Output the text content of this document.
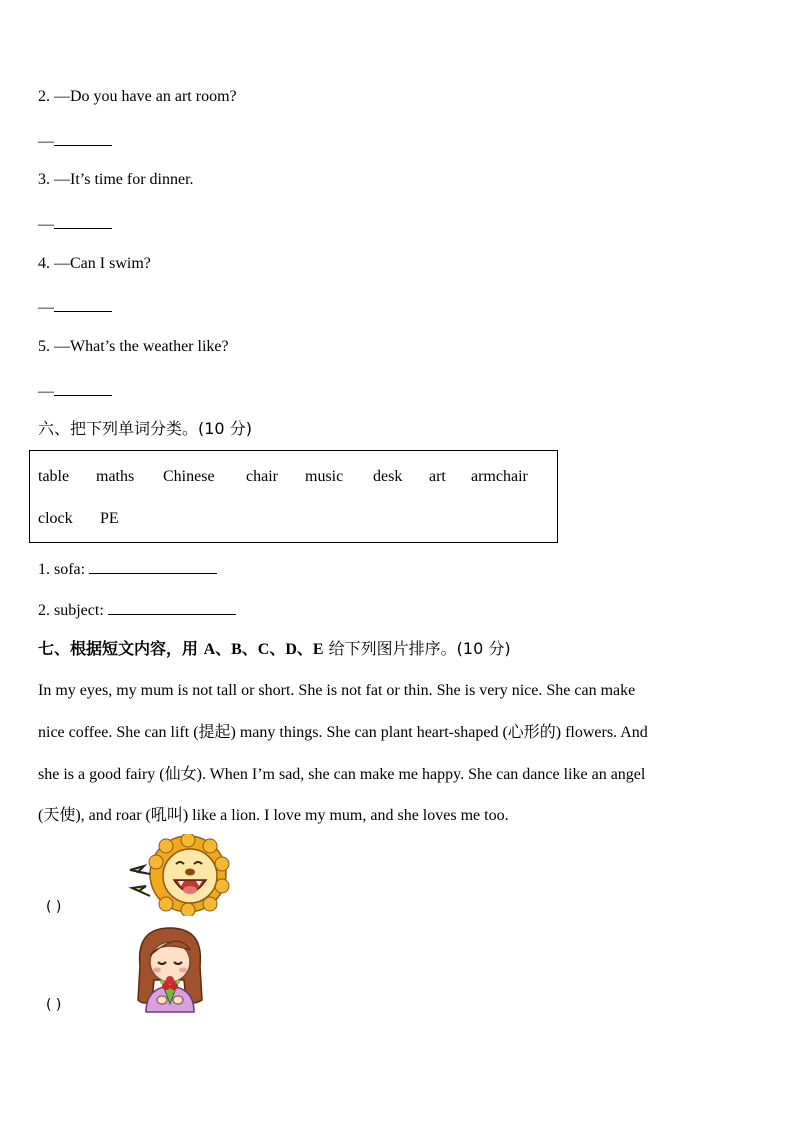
2. —Do you have an art room?
—
3. —It’s time for dinner.
—
4. —Can I swim?
—
5. —What’s the weather like?
—
六、把下列单词分类。(10 分)
table maths Chinese chair music desk art armchair
clock PE
1. sofa:
2. subject:
七、根据短文内容，用 A、B、C、D、E 给下列图片排序。(10 分)
In my eyes, my mum is not tall or short. She is not fat or thin. She is very nice. She can make
nice coffee. She can lift (提起) many things. She can plant heart-shaped (心形的) flowers. And
she is a good fairy (仙女). When I’m sad, she can make me happy. She can dance like an angel
(天使), and roar (吼叫) like a lion. I love my mum, and she loves me too.
( )
( )
